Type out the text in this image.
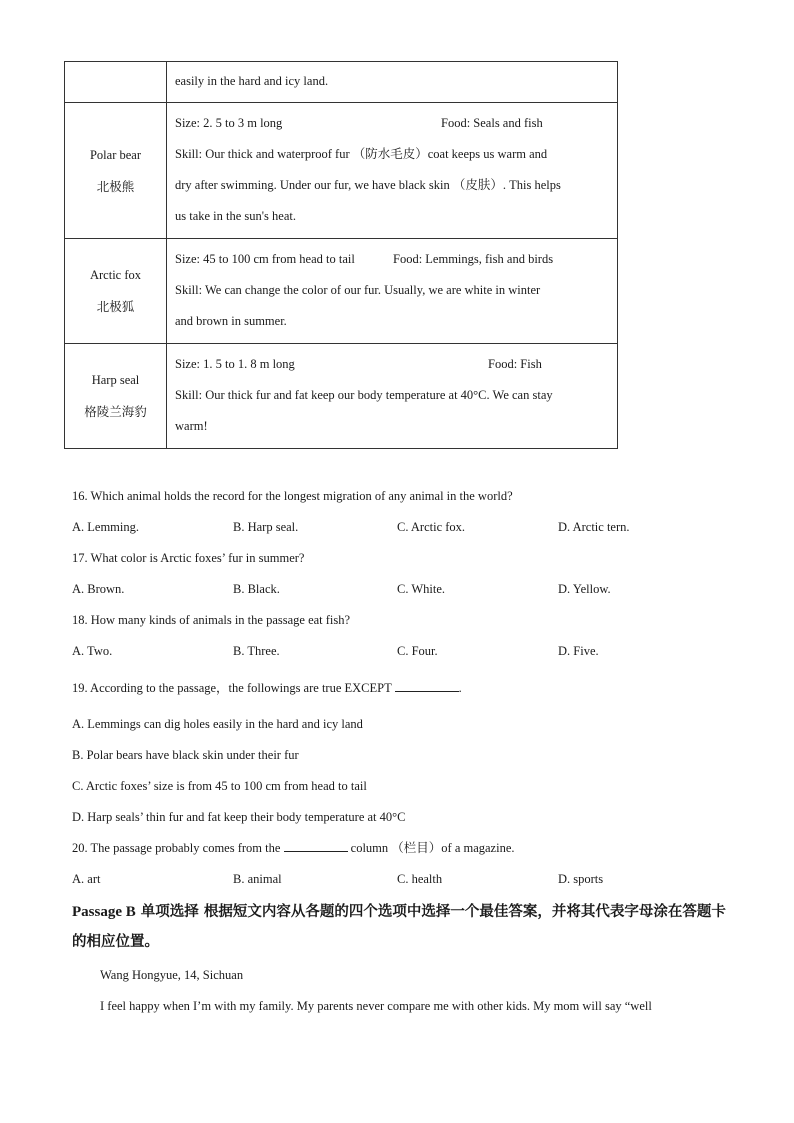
	easily in the hard and icy land.

Polar bear
北极熊	Size: 2. 5 to 3 m long Food: Seals and fish
Skill: Our thick and waterproof fur （防水毛皮）coat keeps us warm and
dry after swimming. Under our fur, we have black skin （皮肤）. This helps
us take in the sun's heat.

Arctic fox
北极狐	Size: 45 to 100 cm from head to tail Food: Lemmings, fish and birds
Skill: We can change the color of our fur. Usually, we are white in winter
and brown in summer.

Harp seal
格陵兰海豹	Size: 1. 5 to 1. 8 m long Food: Fish
Skill: Our thick fur and fat keep our body temperature at 40°C. We can stay
warm!
16. Which animal holds the record for the longest migration of any animal in the world?
A. Lemming.	B. Harp seal.	C. Arctic fox.	D. Arctic tern.
17. What color is Arctic foxes’ fur in summer?
A. Brown.	B. Black.	C. White.	D. Yellow.
18. How many kinds of animals in the passage eat fish?
A. Two.	B. Three.	C. Four.	D. Five.
19. According to the passage，the followings are true EXCEPT	.
A. Lemmings can dig holes easily in the hard and icy land
B. Polar bears have black skin under their fur
C. Arctic foxes’ size is from 45 to 100 cm from head to tail
D. Harp seals’ thin fur and fat keep their body temperature at 40°C
20. The passage probably comes from the	column （栏目）of a magazine.
A. art	B. animal	C. health	D. sports
Passage B 单项选择 根据短文内容从各题的四个选项中选择一个最佳答案，并将其代表字母涂在答题卡的相应位置。
Wang Hongyue, 14, Sichuan
I feel happy when I’m with my family. My parents never compare me with other kids. My mom will say “well
